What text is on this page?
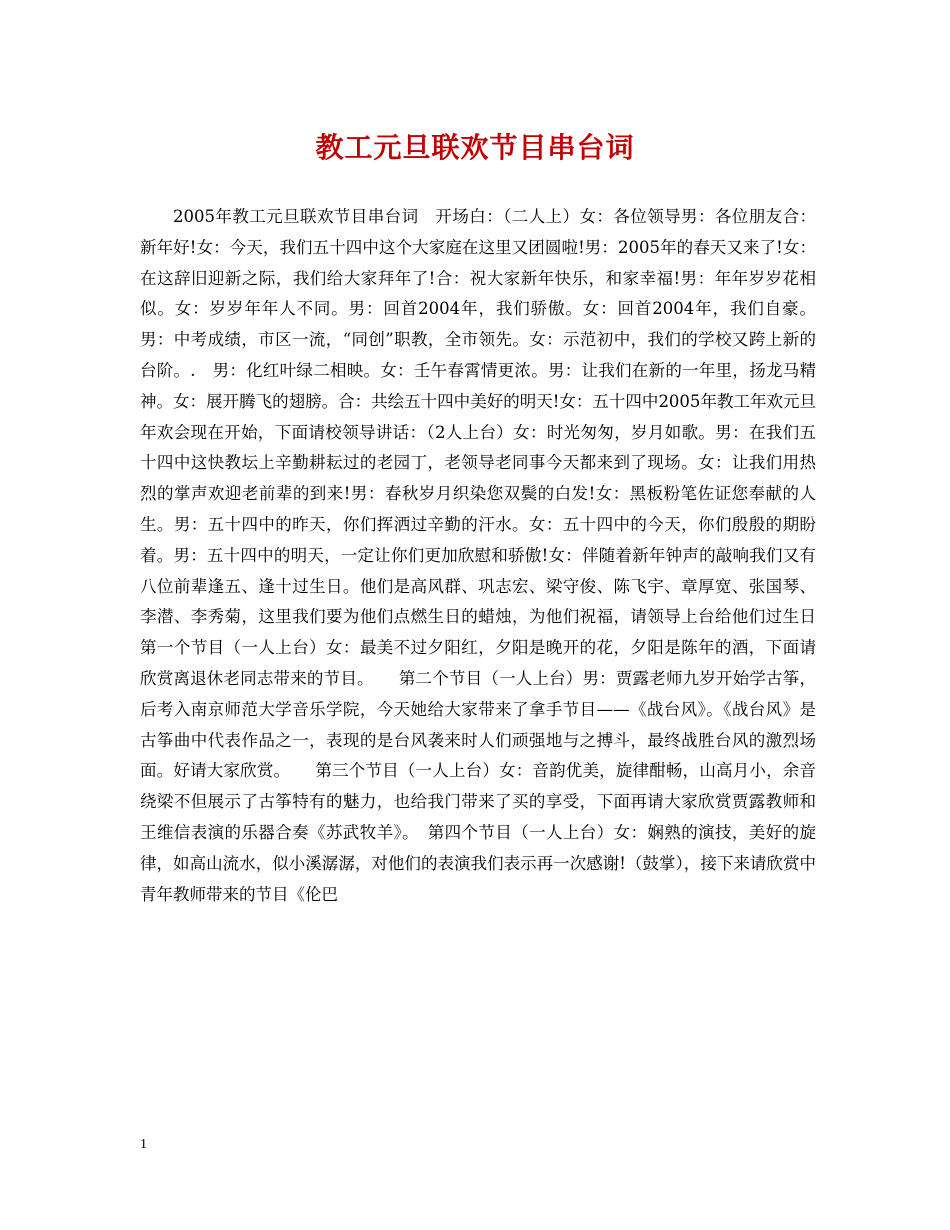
教工元旦联欢节目串台词

2005年教工元旦联欢节目串台词　开场白：（二人上）女：各位领导男：各位朋友合：新年好!女：今天，我们五十四中这个大家庭在这里又团圆啦!男：2005年的春天又来了!女：在这辞旧迎新之际，我们给大家拜年了!合：祝大家新年快乐，和家幸福!男：年年岁岁花相似。女：岁岁年年人不同。男：回首2004年，我们骄傲。女：回首2004年，我们自豪。男：中考成绩，市区一流，“同创”职教，全市领先。女：示范初中，我们的学校又跨上新的台阶。.　男：化红叶绿二相映。女：壬午春霄情更浓。男：让我们在新的一年里，扬龙马精神。女：展开腾飞的翅膀。合：共绘五十四中美好的明天!女：五十四中2005年教工年欢元旦年欢会现在开始，下面请校领导讲话：（2人上台）女：时光匆匆，岁月如歌。男：在我们五十四中这快教坛上辛勤耕耘过的老园丁，老领导老同事今天都来到了现场。女：让我们用热烈的掌声欢迎老前辈的到来!男：春秋岁月织染您双鬓的白发!女：黑板粉笔佐证您奉献的人生。男：五十四中的昨天，你们挥洒过辛勤的汗水。女：五十四中的今天，你们殷殷的期盼着。男：五十四中的明天，一定让你们更加欣慰和骄傲!女：伴随着新年钟声的敲响我们又有八位前辈逢五、逢十过生日。他们是高风群、巩志宏、梁守俊、陈飞宇、章厚宽、张国琴、李潜、李秀菊，这里我们要为他们点燃生日的蜡烛，为他们祝福，请领导上台给他们过生日　第一个节目（一人上台）女：最美不过夕阳红，夕阳是晚开的花，夕阳是陈年的酒，下面请欣赏离退休老同志带来的节目。　　第二个节目（一人上台）男：贾露老师九岁开始学古筝，后考入南京师范大学音乐学院，今天她给大家带来了拿手节目——《战台风》。《战台风》是古筝曲中代表作品之一，表现的是台风袭来时人们顽强地与之搏斗，最终战胜台风的激烈场面。好请大家欣赏。　　第三个节目（一人上台）女：音韵优美，旋律酣畅，山高月小，余音绕梁不但展示了古筝特有的魅力，也给我门带来了买的享受，下面再请大家欣赏贾露教师和王维信表演的乐器合奏《苏武牧羊》。　第四个节目（一人上台）女：娴熟的演技，美好的旋律，如高山流水，似小溪潺潺，对他们的表演我们表示再一次感谢!（鼓掌），接下来请欣赏中青年教师带来的节目《伦巴

1
